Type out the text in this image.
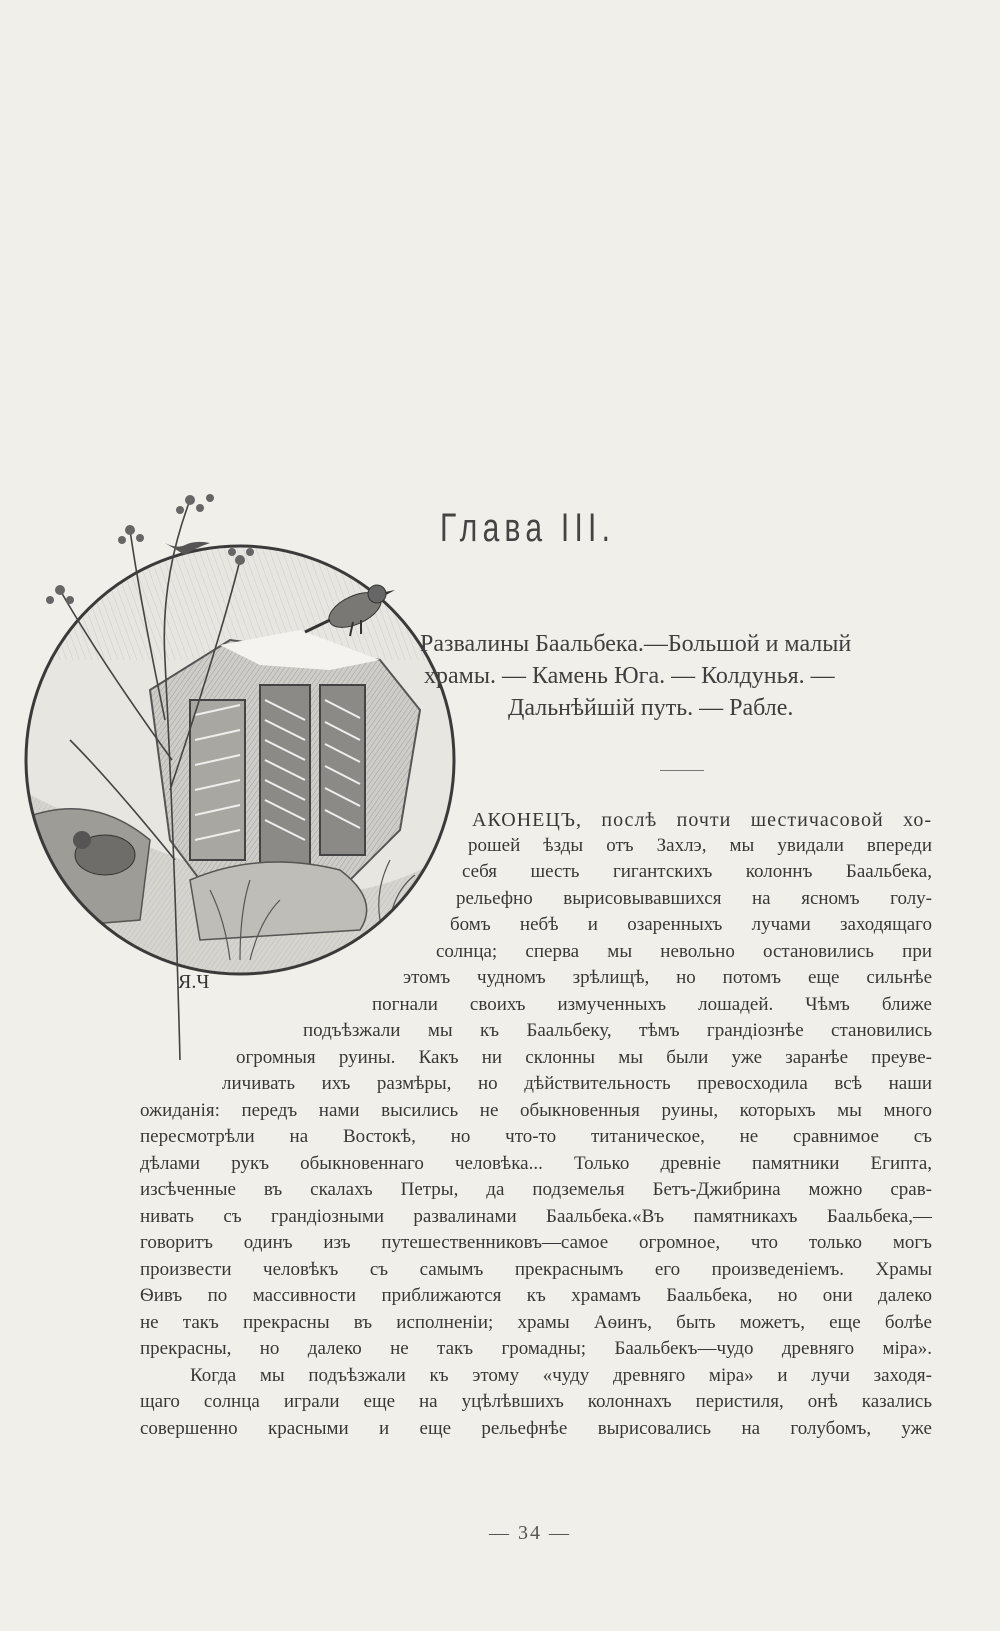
Я.Ч
Глава III.
Развалины Баальбека.—Большой и малый
храмы. — Камень Юга. — Колдунья. —
Дальнѣйшій путь. — Рабле.
АКОНЕЦЪ, послѣ почти шестичасовой хо-
рошей ѣзды отъ Захлэ, мы увидали впереди
себя шесть гигантскихъ колоннъ Баальбека,
рельефно вырисовывавшихся на ясномъ голу-
бомъ небѣ и озаренныхъ лучами заходящаго
солнца; сперва мы невольно остановились при
этомъ чудномъ зрѣлищѣ, но потомъ еще сильнѣе
погнали своихъ измученныхъ лошадей. Чѣмъ ближе
подъѣзжали мы къ Баальбеку, тѣмъ грандіознѣе становились
огромныя руины. Какъ ни склонны мы были уже заранѣе преуве-
личивать ихъ размѣры, но дѣйствительность превосходила всѣ наши
ожиданія: передъ нами высились не обыкновенныя руины, которыхъ мы много
пересмотрѣли на Востокѣ, но что-то титаническое, не сравнимое съ
дѣлами рукъ обыкновеннаго человѣка... Только древніе памятники Египта,
изсѣченные въ скалахъ Петры, да подземелья Бетъ-Джибрина можно срав-
нивать съ грандіозными развалинами Баальбека.«Въ памятникахъ Баальбека,—
говоритъ одинъ изъ путешественниковъ—самое огромное, что только могъ
произвести человѣкъ съ самымъ прекраснымъ его произведеніемъ. Храмы
Ѳивъ по массивности приближаются къ храмамъ Баальбека, но они далеко
не такъ прекрасны въ исполненіи; храмы Аѳинъ, быть можетъ, еще болѣе
прекрасны, но далеко не такъ громадны; Баальбекъ—чудо древняго міра».
Когда мы подъѣзжали къ этому «чуду древняго міра» и лучи заходя-
щаго солнца играли еще на уцѣлѣвшихъ колоннахъ перистиля, онѣ казались
совершенно красными и еще рельефнѣе вырисовались на голубомъ, уже
— 34 —
